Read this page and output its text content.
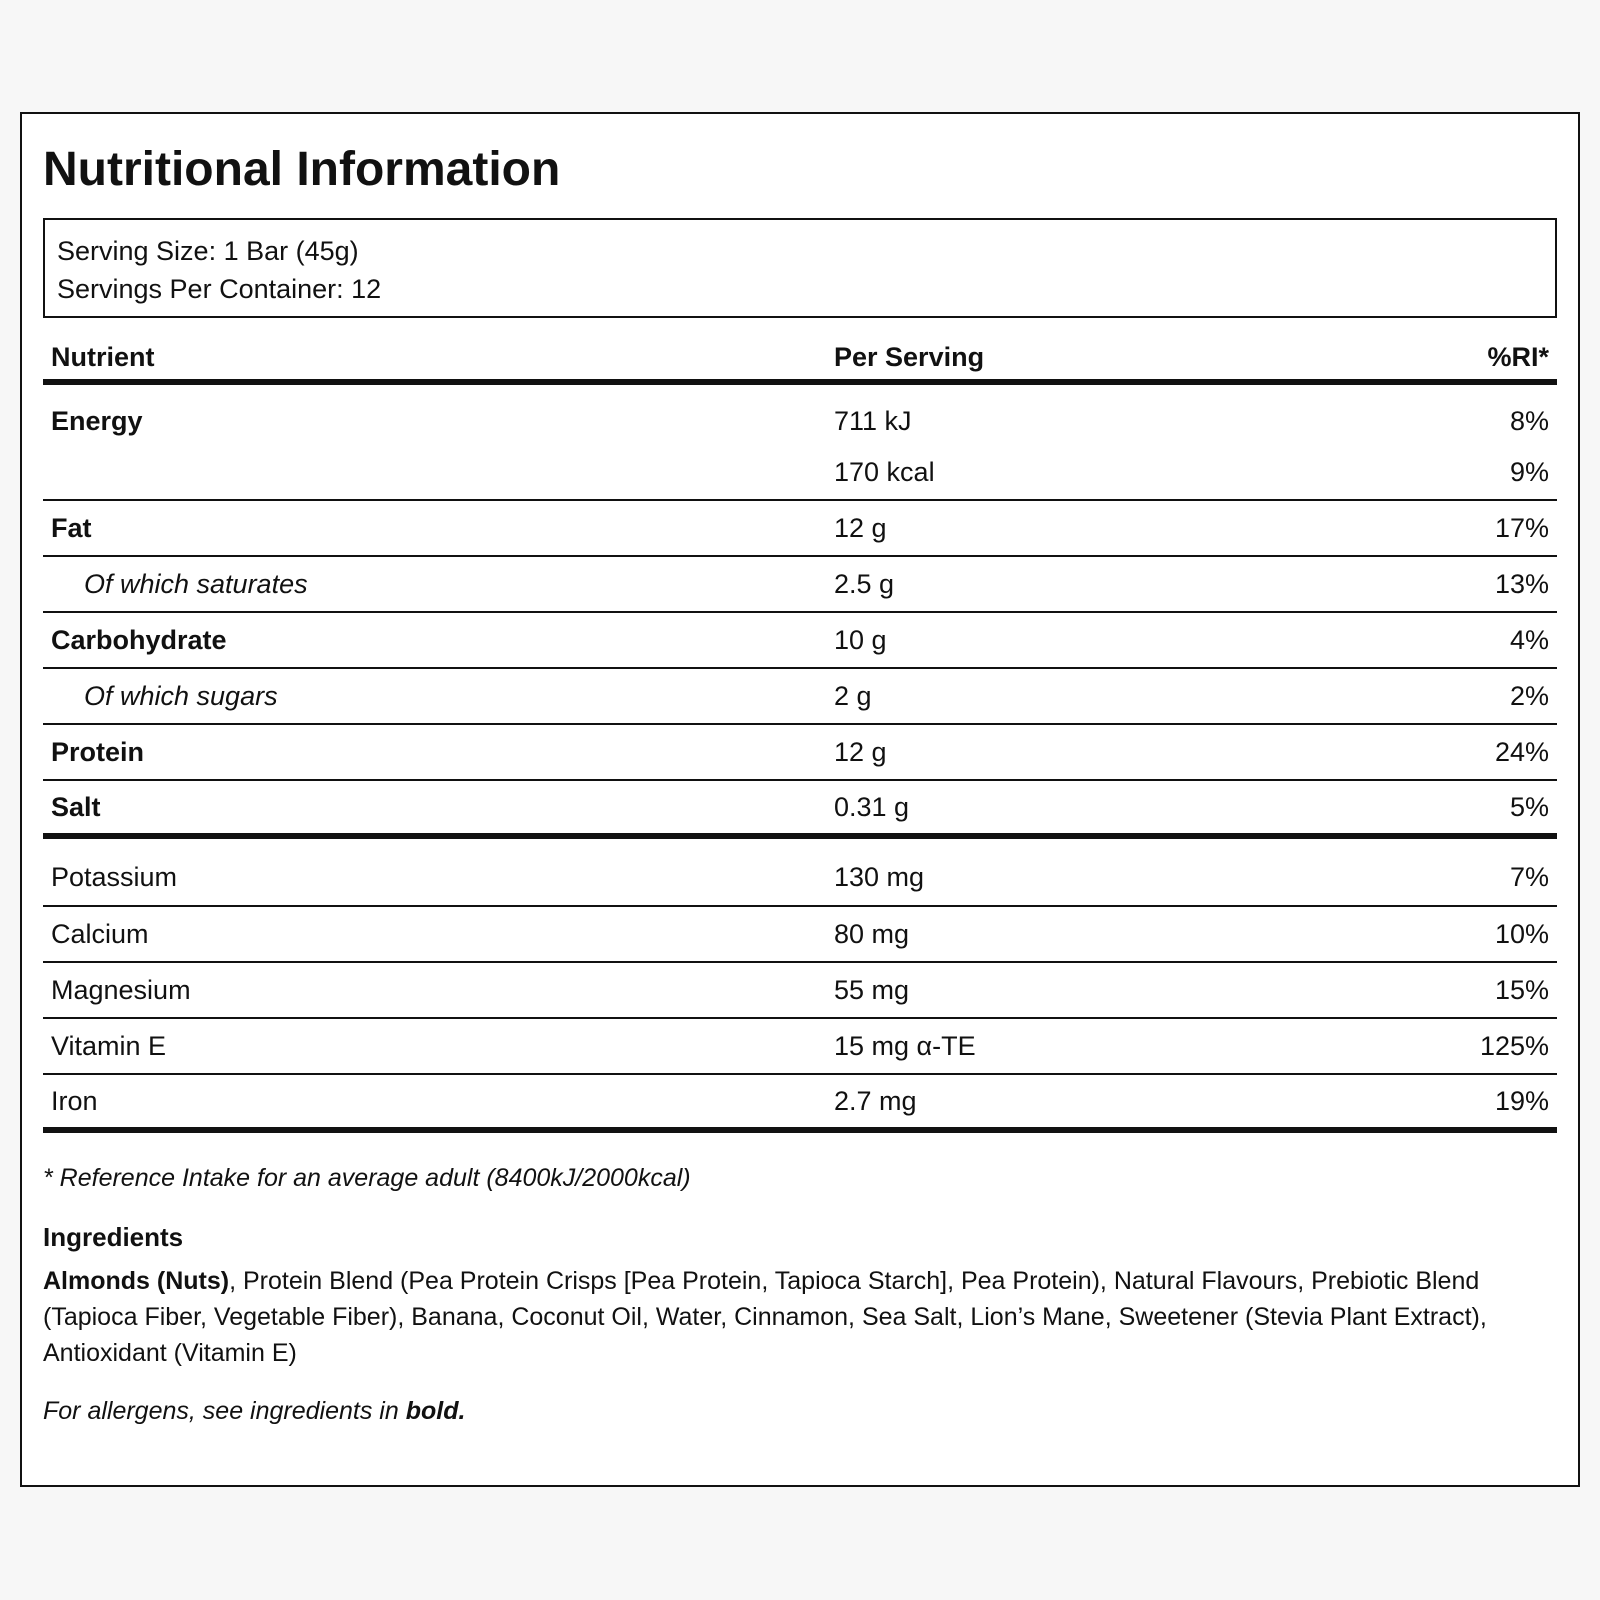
Nutritional Information
Serving Size: 1 Bar (45g)
Servings Per Container: 12
Nutrient	Per Serving	%RI*
Energy	711 kJ	8%
	170 kcal	9%
Fat	12 g	17%
Of which saturates	2.5 g	13%
Carbohydrate	10 g	4%
Of which sugars	2 g	2%
Protein	12 g	24%
Salt	0.31 g	5%
Potassium	130 mg	7%
Calcium	80 mg	10%
Magnesium	55 mg	15%
Vitamin E	15 mg α-TE	125%
Iron	2.7 mg	19%

* Reference Intake for an average adult (8400kJ/2000kcal)

Ingredients

Almonds (Nuts), Protein Blend (Pea Protein Crisps [Pea Protein, Tapioca Starch], Pea Protein), Natural Flavours, Prebiotic Blend (Tapioca Fiber, Vegetable Fiber), Banana, Coconut Oil, Water, Cinnamon, Sea Salt, Lion’s Mane, Sweetener (Stevia Plant Extract), Antioxidant (Vitamin E)

For allergens, see ingredients in bold.
